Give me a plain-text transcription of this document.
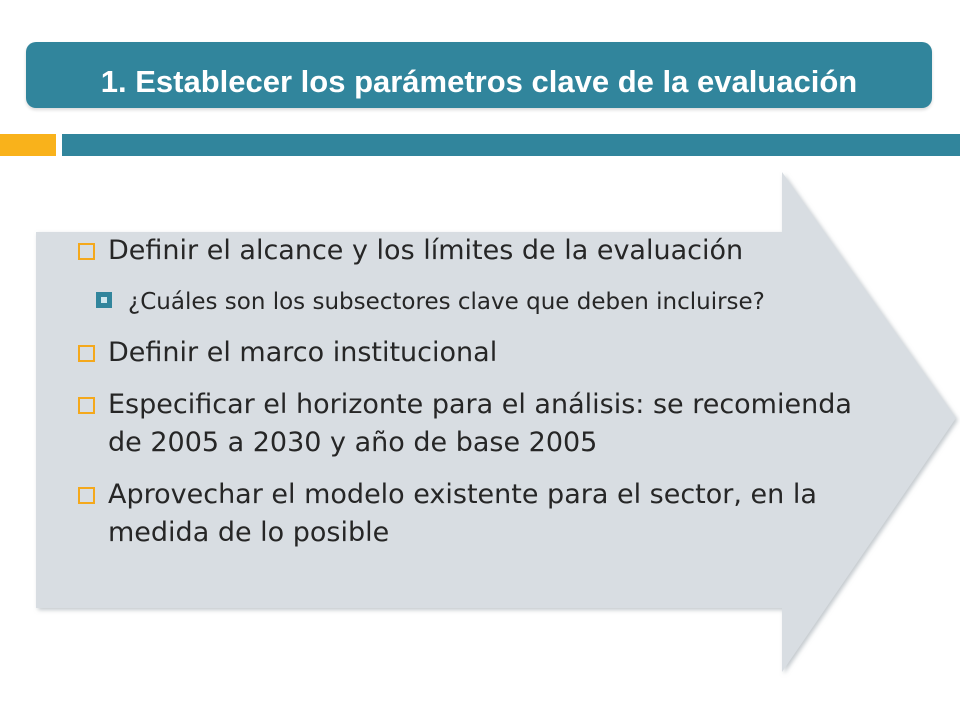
1. Establecer los parámetros clave de la evaluación

Definir el alcance y los límites de la evaluación
¿Cuáles son los subsectores clave que deben incluirse?
Definir el marco institucional
Especificar el horizonte para el análisis: se recomienda de 2005 a 2030 y año de base 2005
Aprovechar el modelo existente para el sector, en la medida de lo posible
